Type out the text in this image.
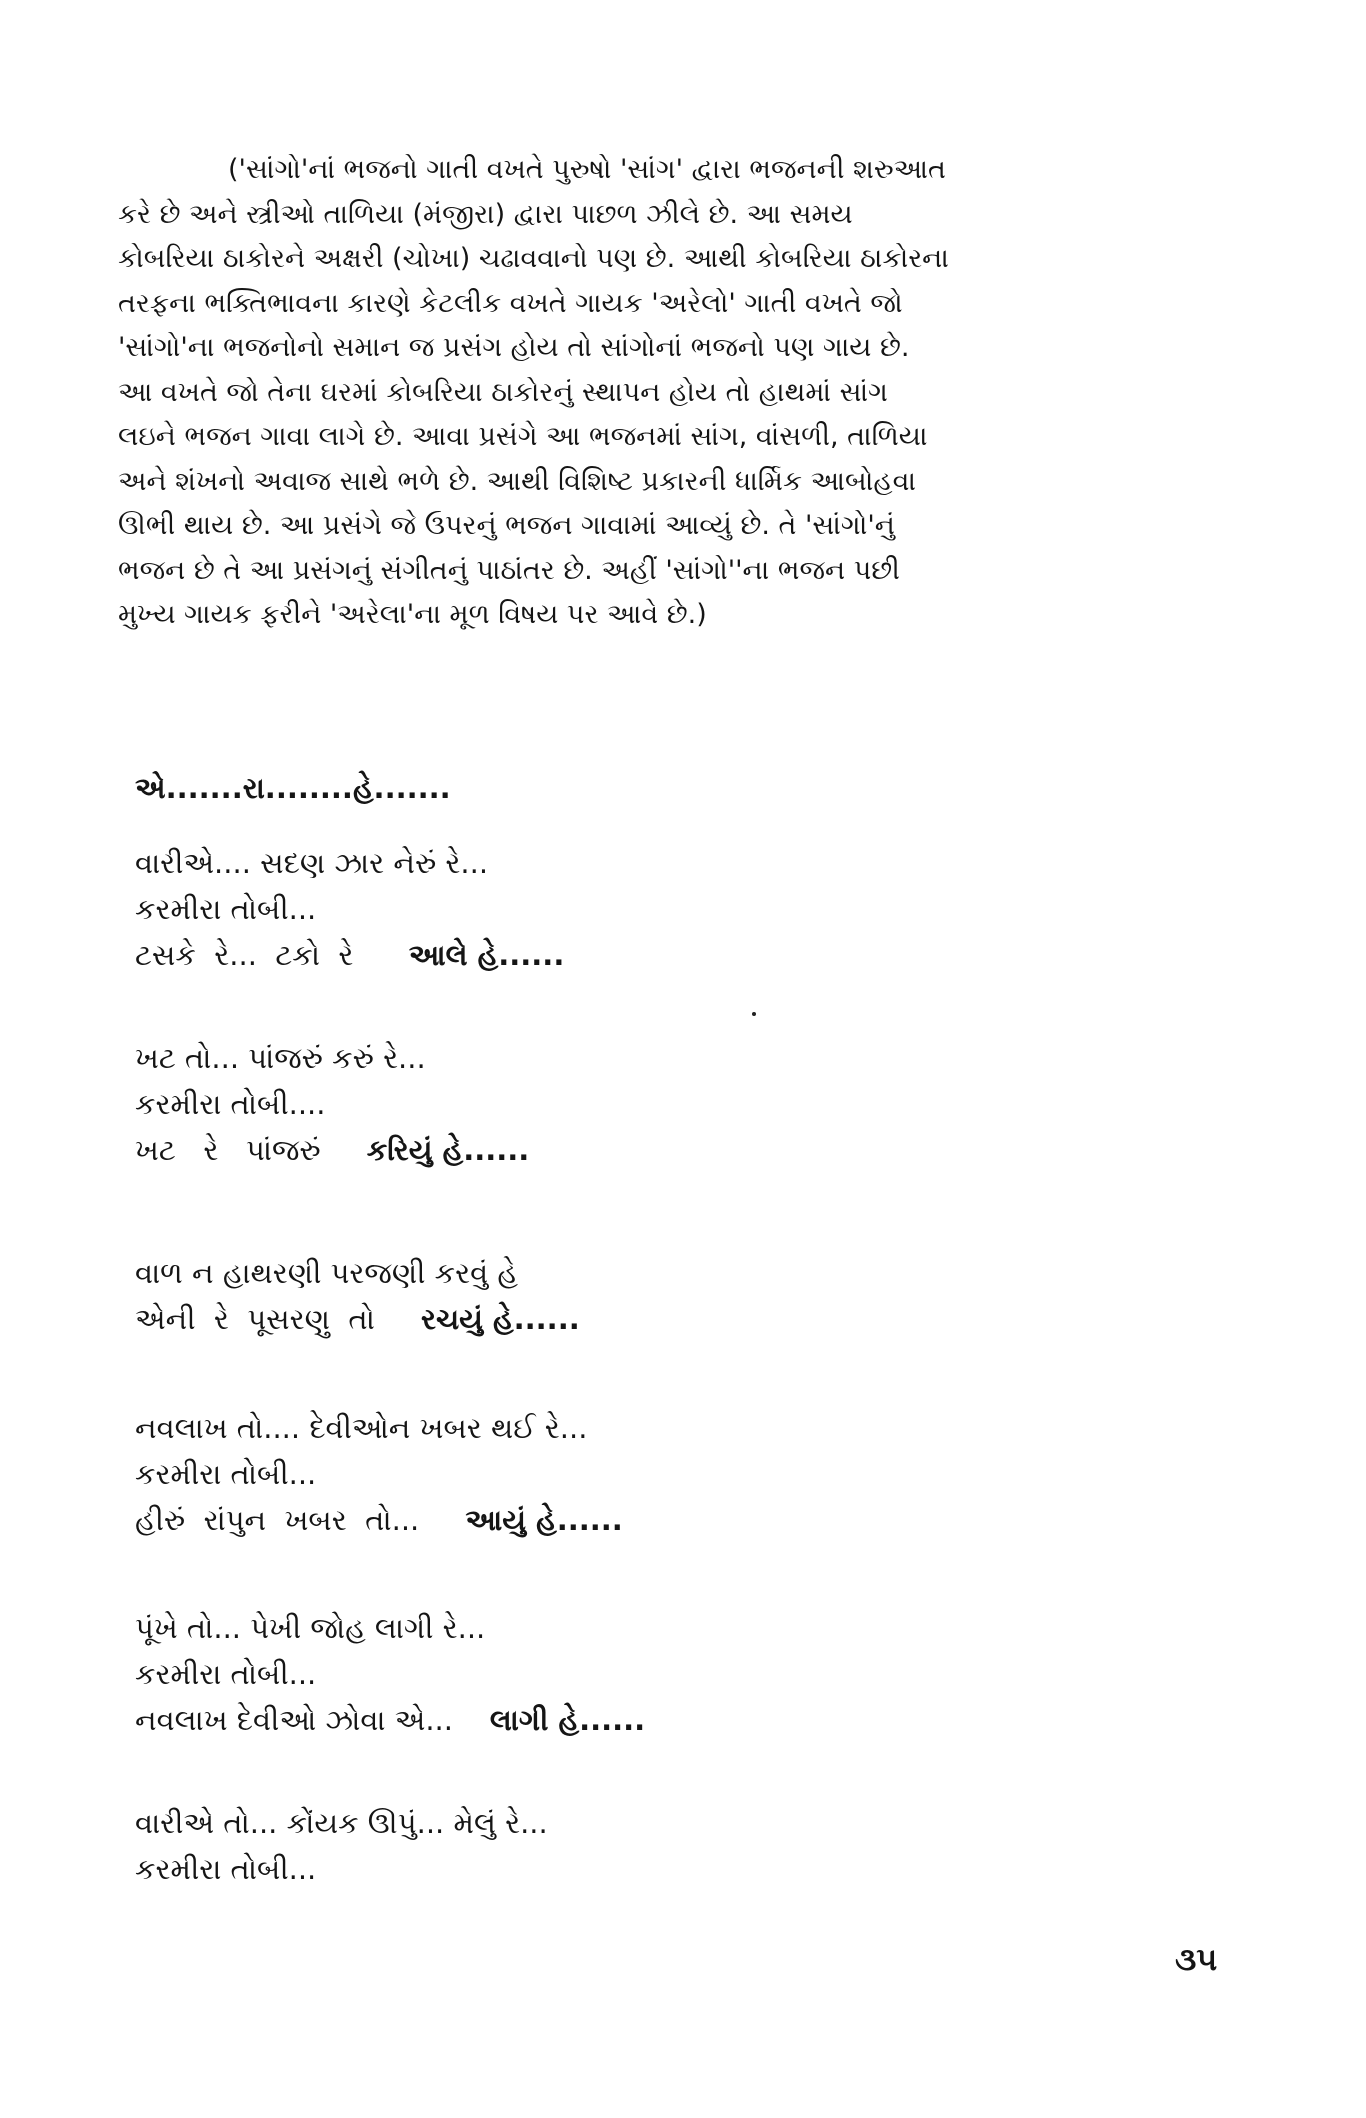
('સાંગો'નાં ભજનો ગાતી વખતે પુરુષો 'સાંગ' દ્વારા ભજનની શરુઆત
કરે છે અને સ્ત્રીઓ તાળિયા (મંજીરા) દ્વારા પાછળ ઝીલે છે. આ સમય
કોબરિયા ઠાકોરને અક્ષરી (ચોખા) ચઢાવવાનો પણ છે. આથી કોબરિયા ઠાકોરના
તરફના ભક્તિભાવના કારણે કેટલીક વખતે ગાયક 'અરેલો' ગાતી વખતે જો
'સાંગો'ના ભજનોનો સમાન જ પ્રસંગ હોય તો સાંગોનાં ભજનો પણ ગાય છે.
આ વખતે જો તેના ઘરમાં કોબરિયા ઠાકોરનું સ્થાપન હોય તો હાથમાં સાંગ
લઇને ભજન ગાવા લાગે છે. આવા પ્રસંગે આ ભજનમાં સાંગ, વાંસળી, તાળિયા
અને શંખનો અવાજ સાથે ભળે છે. આથી વિશિષ્ટ પ્રકારની ધાર્મિક આબોહવા
ઊભી થાય છે. આ પ્રસંગે જે ઉપરનું ભજન ગાવામાં આવ્યું છે. તે 'સાંગો'નું
ભજન છે તે આ પ્રસંગનું સંગીતનું પાઠાંતર છે. અહીં 'સાંગો''ના ભજન પછી
મુખ્ય ગાયક ફરીને 'અરેલા'ના મૂળ વિષય પર આવે છે.)
એ.......રા........હે.......
વારીએ.... સદણ ઝાર નેરું રે...
કરમીરા તોબી...
ટસકે  રે...  ટકો  રે      આલે હે......
ખટ તો... પાંજરું કરું રે...
કરમીરા તોબી....
ખટ   રે   પાંજરું     કરિયું હે......
વાળ ન હાથરણી પરજણી કરવું હે
એની  રે  પૂસરણુ  તો     રચયું હે......
નવલાખ તો.... દેવીઓન ખબર થઈ રે...
કરમીરા તોબી...
હીરું  રાંપુન  ખબર  તો...     આયું હે......
પૂંખે તો... પેખી જોહ લાગી રે...
કરમીરા તોબી...
નવલાખ દેવીઓ ઝોવા એ...    લાગી હે......
વારીએ તો... કોંયક ઊપું... મેલું રે...
કરમીરા તોબી...
૩૫
